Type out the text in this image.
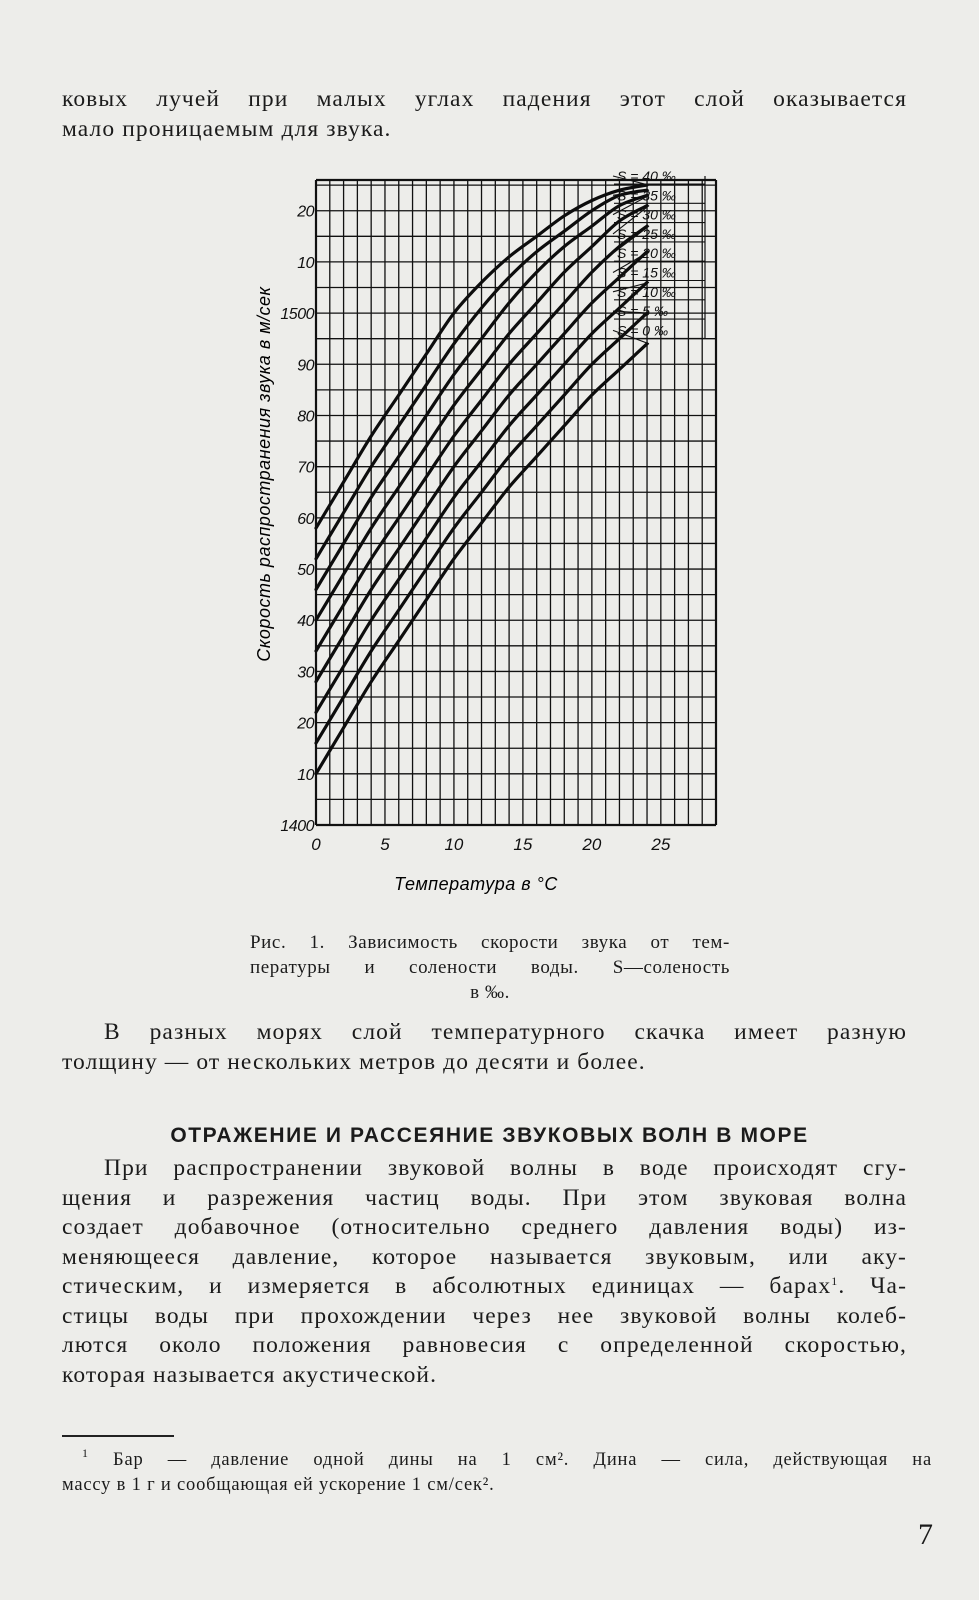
ковых лучей при малых углах падения этот слой оказывается
мало проницаемым для звука.
S = 40 ‰
S = 35 ‰
S = 30 ‰
S = 25 ‰
S = 20 ‰
S = 15 ‰
S = 10 ‰
S = 5 ‰
S = 0 ‰
0	5	10	15	20	25
1400
10
20
30
40
50
60
70
80
90
1500
10
20
Скорость распространения звука в м/сек
Температура в °С
Рис. 1. Зависимость скорости звука от тем-
пературы и солености воды. S—соленость
в ‰.
В разных морях слой температурного скачка имеет разную
толщину — от нескольких метров до десяти и более.
ОТРАЖЕНИЕ И РАССЕЯНИЕ ЗВУКОВЫХ ВОЛН В МОРЕ
При распространении звуковой волны в воде происходят сгу-
щения и разрежения частиц воды. При этом звуковая волна
создает добавочное (относительно среднего давления воды) из-
меняющееся давление, которое называется звуковым, или аку-
стическим, и измеряется в абсолютных единицах — барах$^1$. Ча-
стицы воды при прохождении через нее звуковой волны колеб-
лются около положения равновесия с определенной скоростью,
которая называется акустической.
$^1$ Бар — давление одной дины на 1 см². Дина — сила, действующая на
массу в 1 г и сообщающая ей ускорение 1 см/сек².
7
